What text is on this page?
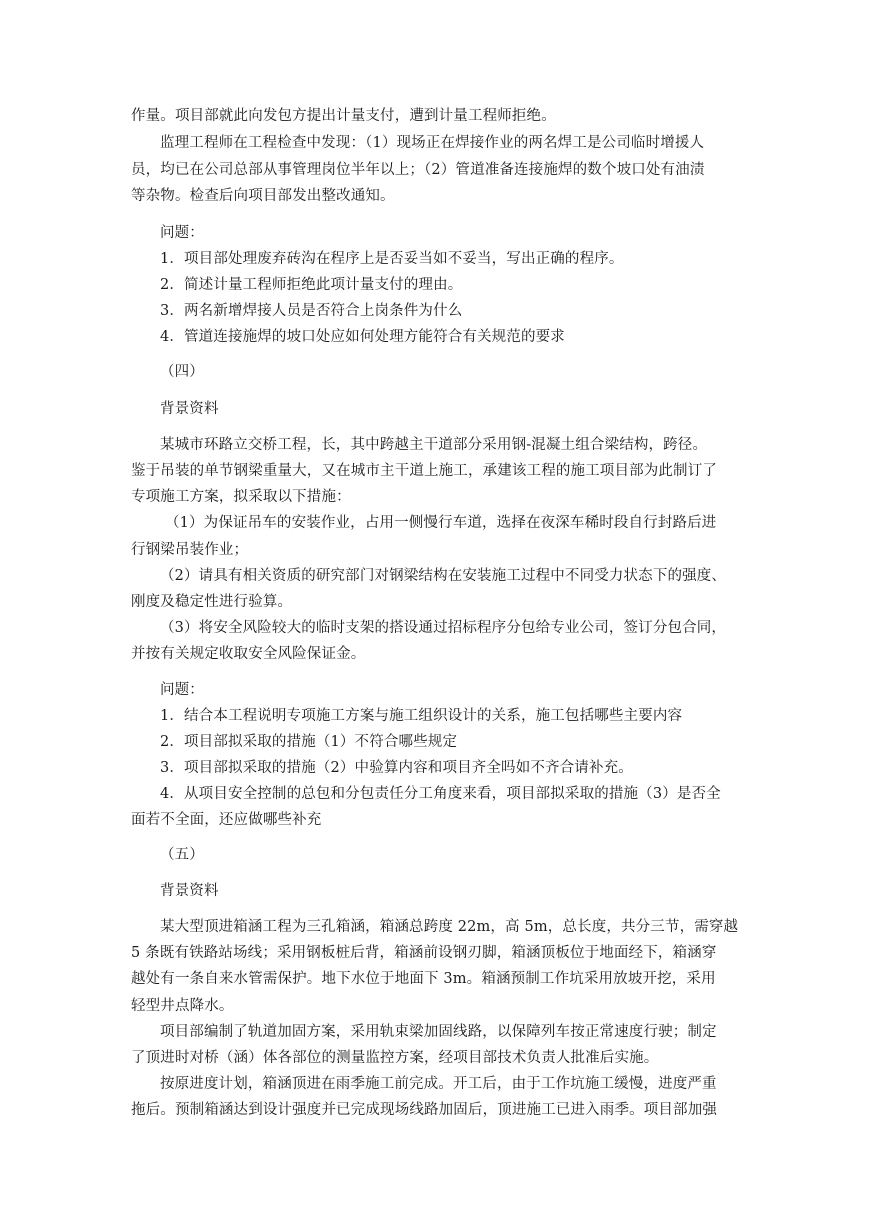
作量。项目部就此向发包方提出计量支付，遭到计量工程师拒绝。
监理工程师在工程检查中发现：（1）现场正在焊接作业的两名焊工是公司临时增援人
员，均已在公司总部从事管理岗位半年以上；（2）管道准备连接施焊的数个坡口处有油渍
等杂物。检查后向项目部发出整改通知。
问题：
1．项目部处理废弃砖沟在程序上是否妥当如不妥当，写出正确的程序。
2．简述计量工程师拒绝此项计量支付的理由。
3．两名新增焊接人员是否符合上岗条件为什么
4．管道连接施焊的坡口处应如何处理方能符合有关规范的要求
（四）
背景资料
某城市环路立交桥工程，长，其中跨越主干道部分采用钢-混凝土组合梁结构，跨径。
鉴于吊装的单节钢梁重量大，又在城市主干道上施工，承建该工程的施工项目部为此制订了
专项施工方案，拟采取以下措施：
（1）为保证吊车的安装作业，占用一侧慢行车道，选择在夜深车稀时段自行封路后进
行钢梁吊装作业；
（2）请具有相关资质的研究部门对钢梁结构在安装施工过程中不同受力状态下的强度、
刚度及稳定性进行验算。
（3）将安全风险较大的临时支架的搭设通过招标程序分包给专业公司，签订分包合同，
并按有关规定收取安全风险保证金。
问题：
1．结合本工程说明专项施工方案与施工组织设计的关系，施工包括哪些主要内容
2．项目部拟采取的措施（1）不符合哪些规定
3．项目部拟采取的措施（2）中验算内容和项目齐全吗如不齐合请补充。
4．从项目安全控制的总包和分包责任分工角度来看，项目部拟采取的措施（3）是否全
面若不全面，还应做哪些补充
（五）
背景资料
某大型顶进箱涵工程为三孔箱涵，箱涵总跨度 22m，高 5m，总长度，共分三节，需穿越
5 条既有铁路站场线；采用钢板桩后背，箱涵前设钢刃脚，箱涵顶板位于地面经下，箱涵穿
越处有一条自来水管需保护。地下水位于地面下 3m。箱涵预制工作坑采用放坡开挖，采用
轻型井点降水。
项目部编制了轨道加固方案，采用轨束梁加固线路，以保障列车按正常速度行驶；制定
了顶进时对桥（涵）体各部位的测量监控方案，经项目部技术负责人批准后实施。
按原进度计划，箱涵顶进在雨季施工前完成。开工后，由于工作坑施工缓慢，进度严重
拖后。预制箱涵达到设计强度并已完成现场线路加固后，顶进施工已进入雨季。项目部加强
